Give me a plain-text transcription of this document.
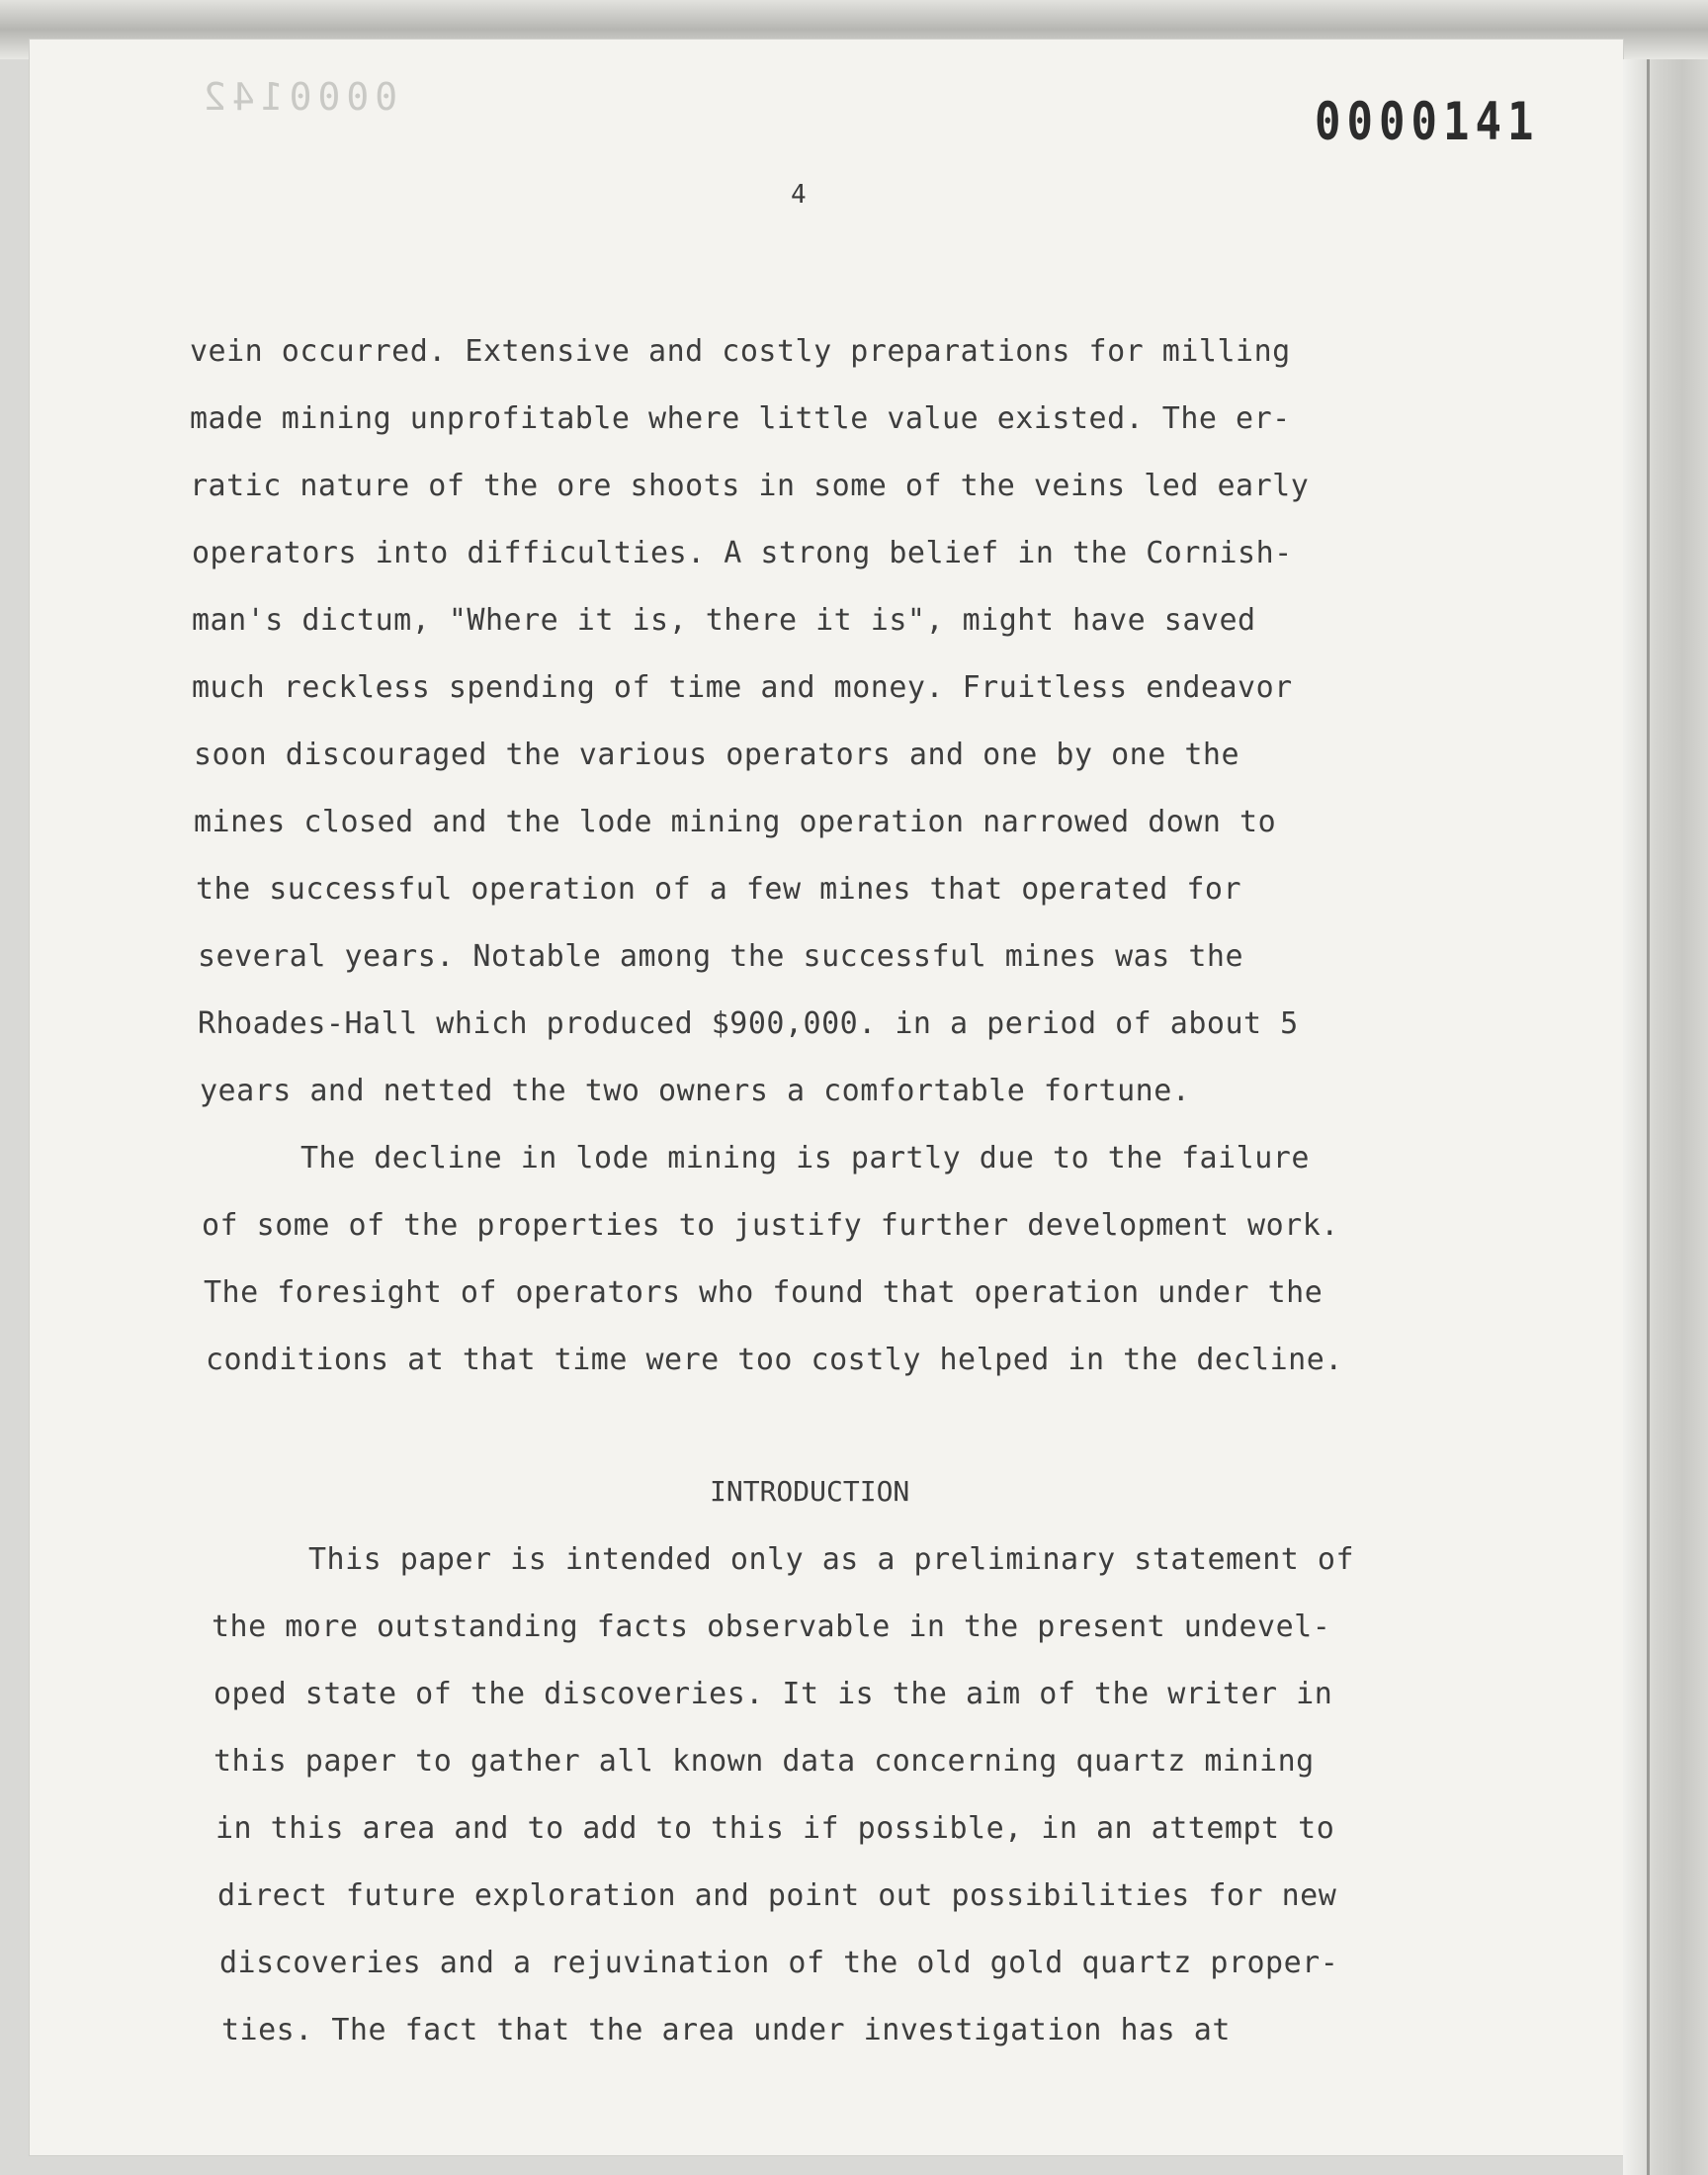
0000142	0000141
4
vein occurred. Extensive and costly preparations for milling
made mining unprofitable where little value existed. The er-
ratic nature of the ore shoots in some of the veins led early
operators into difficulties. A strong belief in the Cornish-
man's dictum, "Where it is, there it is", might have saved
much reckless spending of time and money. Fruitless endeavor
soon discouraged the various operators and one by one the
mines closed and the lode mining operation narrowed down to
the successful operation of a few mines that operated for
several years. Notable among the successful mines was the
Rhoades-Hall which produced $900,000. in a period of about 5
years and netted the two owners a comfortable fortune.
The decline in lode mining is partly due to the failure
of some of the properties to justify further development work.
The foresight of operators who found that operation under the
conditions at that time were too costly helped in the decline.
INTRODUCTION
This paper is intended only as a preliminary statement of
the more outstanding facts observable in the present undevel-
oped state of the discoveries. It is the aim of the writer in
this paper to gather all known data concerning quartz mining
in this area and to add to this if possible, in an attempt to
direct future exploration and point out possibilities for new
discoveries and a rejuvination of the old gold quartz proper-
ties. The fact that the area under investigation has at
